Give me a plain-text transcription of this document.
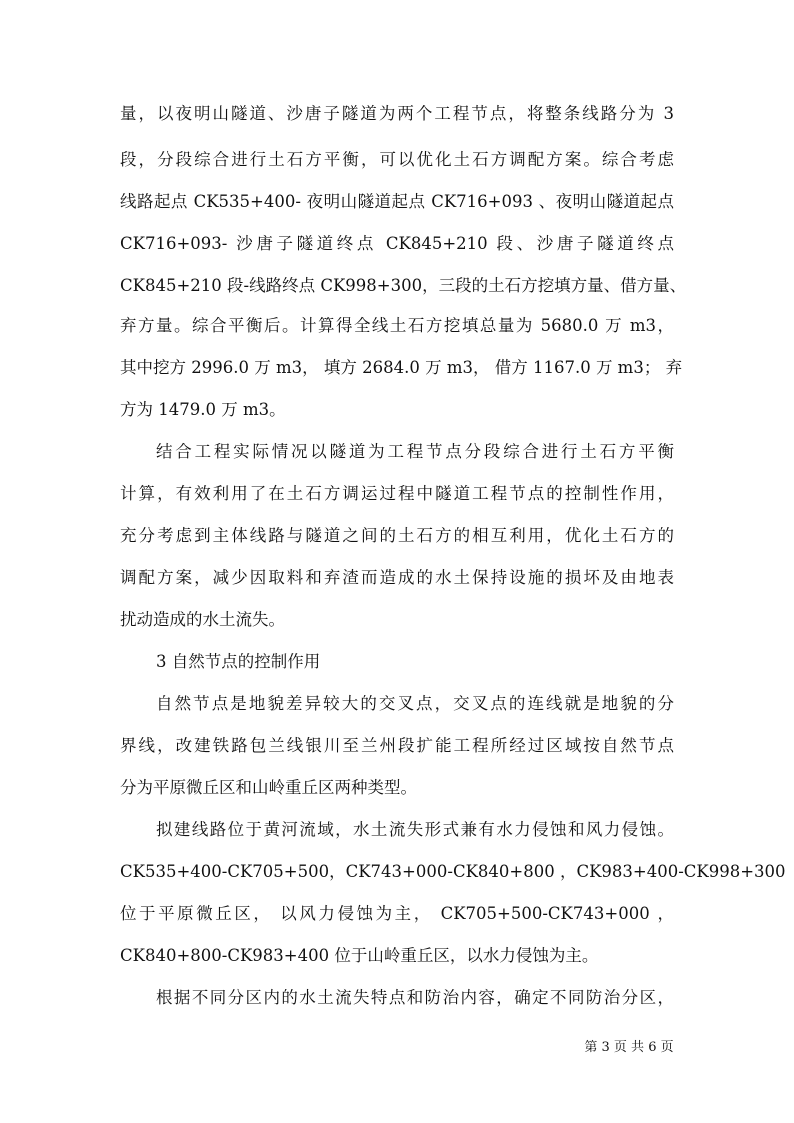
量，以夜明山隧道、沙唐子隧道为两个工程节点，将整条线路分为 3
段，分段综合进行土石方平衡，可以优化土石方调配方案。综合考虑
线路起点 CK535+400- 夜明山隧道起点 CK716+093 、夜明山隧道起点
CK716+093- 沙唐子隧道终点 CK845+210 段、沙唐子隧道终点
CK845+210 段-线路终点 CK998+300，三段的土石方挖填方量、借方量、
弃方量。综合平衡后。计算得全线土石方挖填总量为 5680.0 万 m3，
其中挖方 2996.0 万 m3， 填方 2684.0 万 m3， 借方 1167.0 万 m3； 弃
方为 1479.0 万 m3。
结合工程实际情况以隧道为工程节点分段综合进行土石方平衡
计算，有效利用了在土石方调运过程中隧道工程节点的控制性作用，
充分考虑到主体线路与隧道之间的土石方的相互利用，优化土石方的
调配方案，减少因取料和弃渣而造成的水土保持设施的损坏及由地表
扰动造成的水土流失。
3 自然节点的控制作用
自然节点是地貌差异较大的交叉点，交叉点的连线就是地貌的分
界线，改建铁路包兰线银川至兰州段扩能工程所经过区域按自然节点
分为平原微丘区和山岭重丘区两种类型。
拟建线路位于黄河流域，水土流失形式兼有水力侵蚀和风力侵蚀。
CK535+400-CK705+500，CK743+000-CK840+800 ，CK983+400-CK998+300
位于平原微丘区， 以风力侵蚀为主， CK705+500-CK743+000 ，
CK840+800-CK983+400 位于山岭重丘区，以水力侵蚀为主。
根据不同分区内的水土流失特点和防治内容，确定不同防治分区，
第 3 页 共 6 页
